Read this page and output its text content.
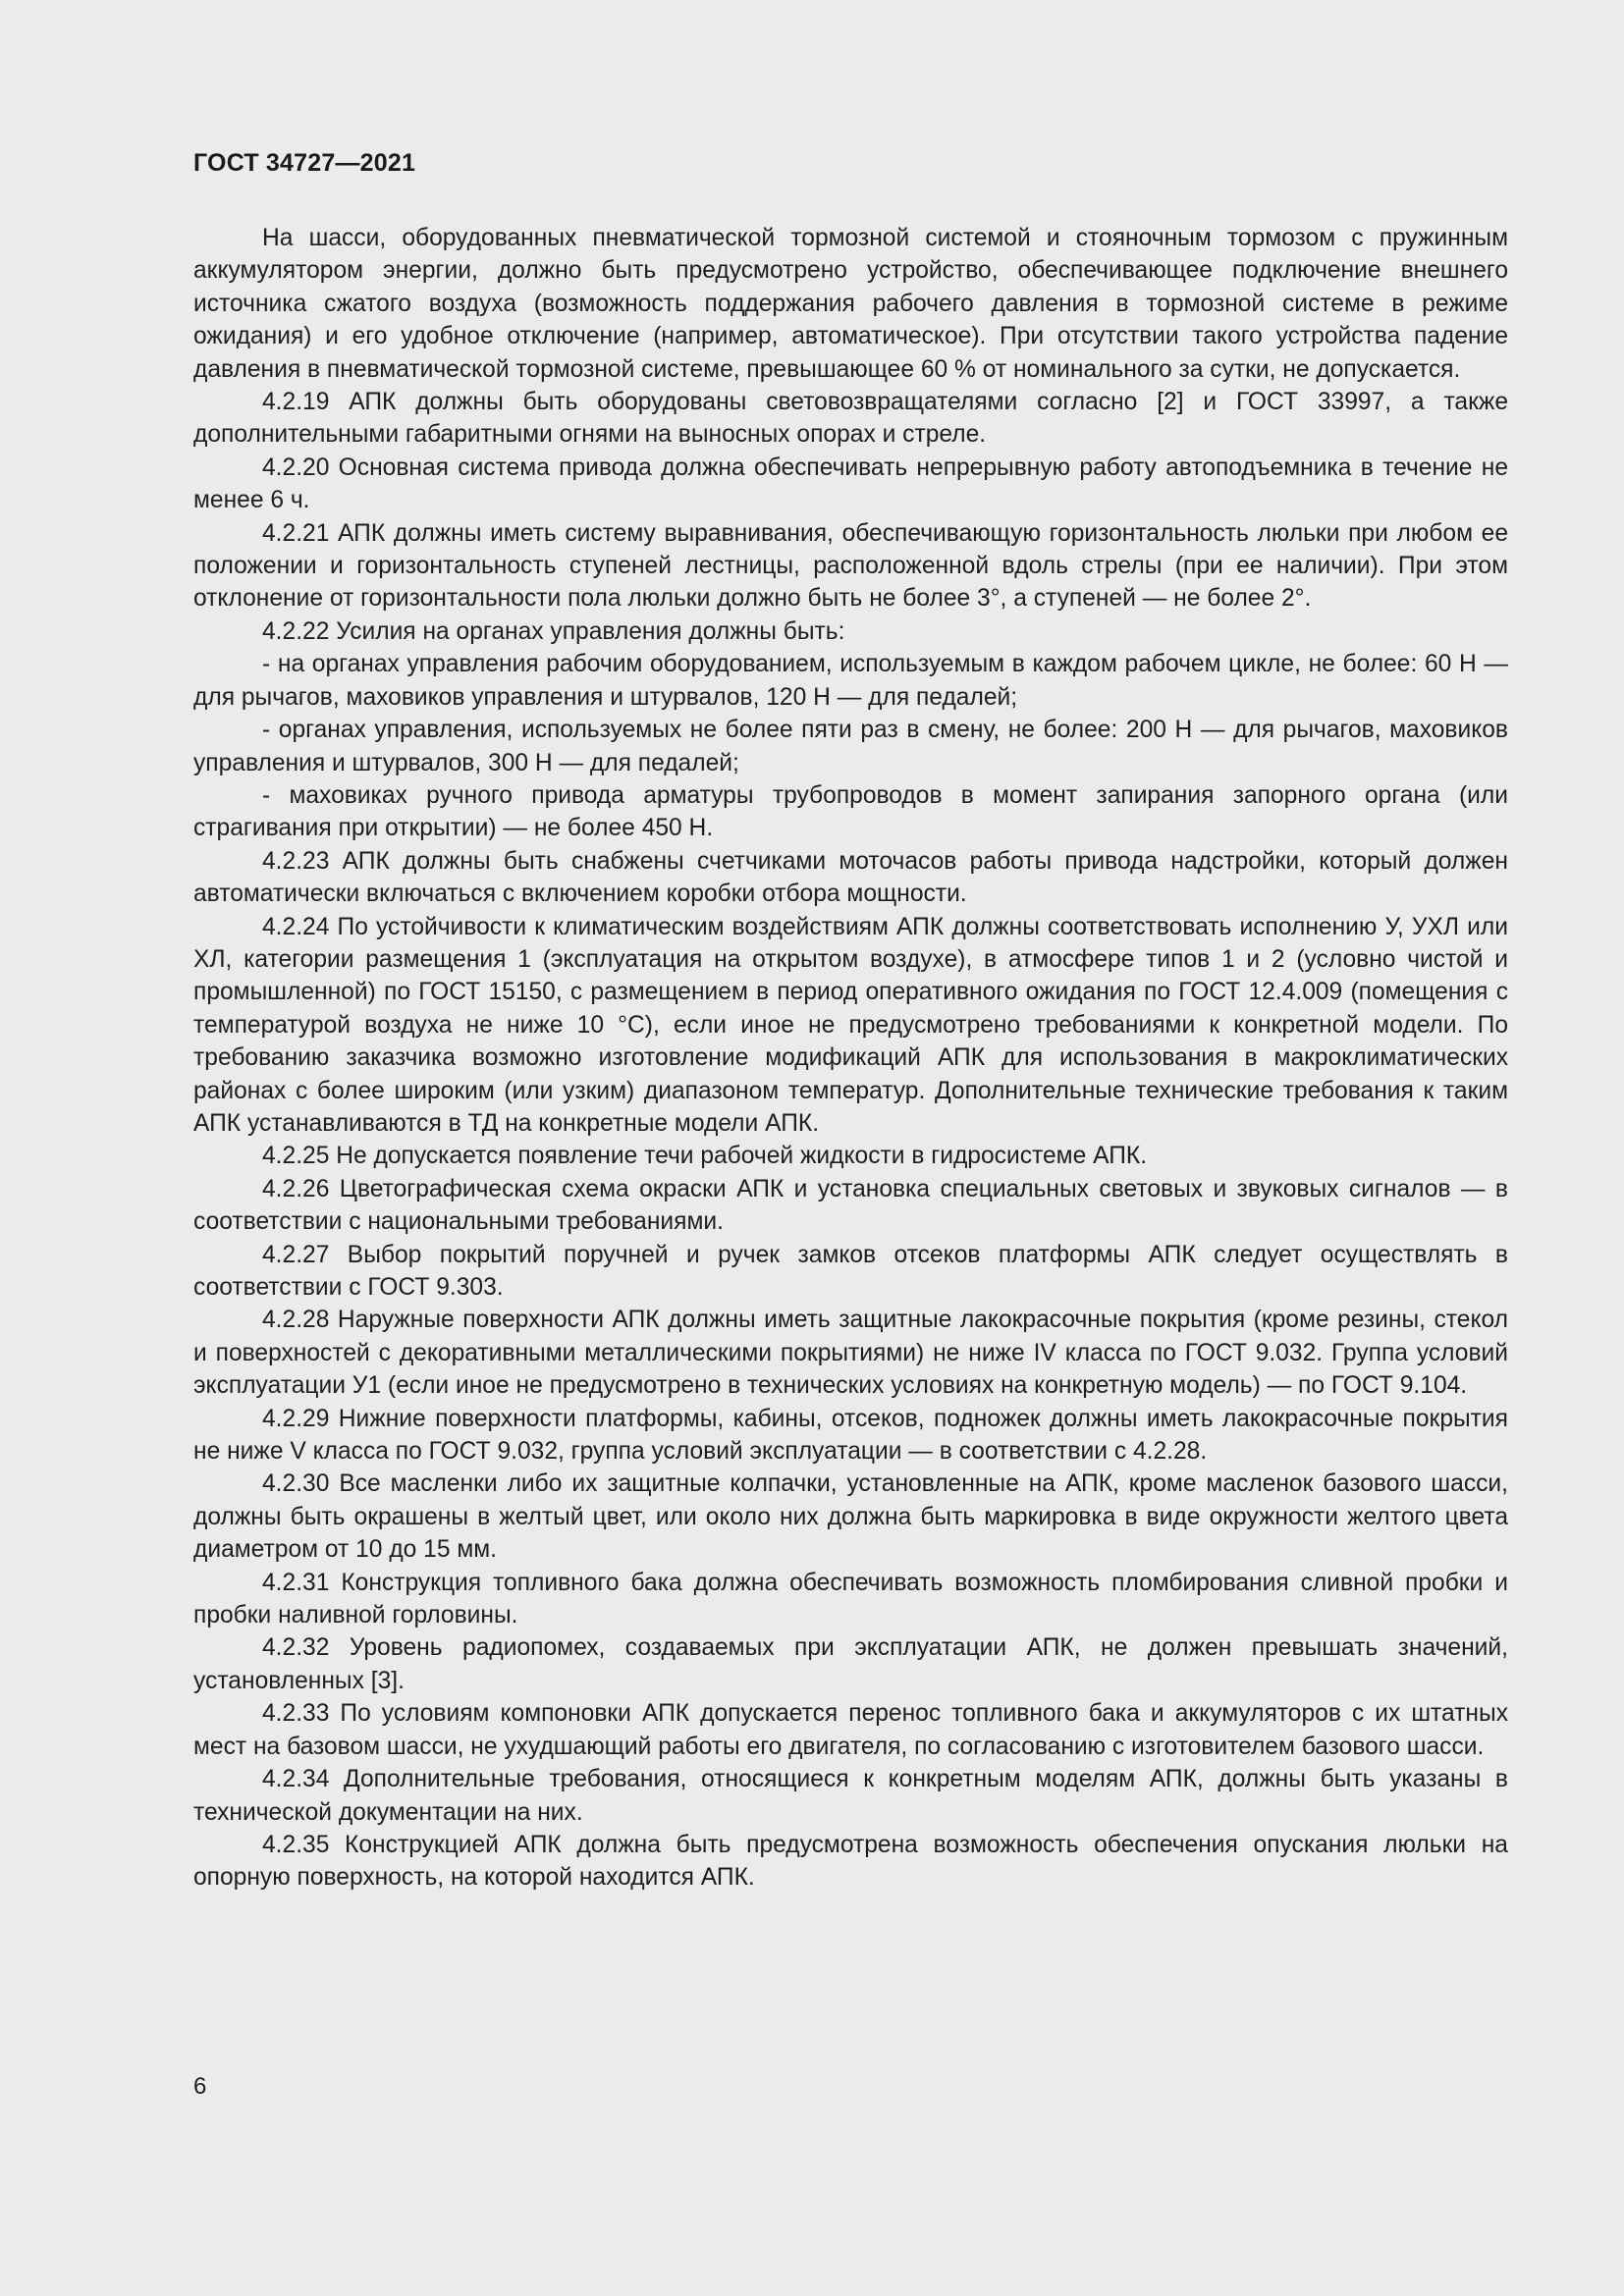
ГОСТ 34727—2021

На шасси, оборудованных пневматической тормозной системой и стояночным тормозом с пружинным аккумулятором энергии, должно быть предусмотрено устройство, обеспечивающее подключение внешнего источника сжатого воздуха (возможность поддержания рабочего давления в тормозной системе в режиме ожидания) и его удобное отключение (например, автоматическое). При отсутствии такого устройства падение давления в пневматической тормозной системе, превышающее 60 % от номинального за сутки, не допускается.

4.2.19 АПК должны быть оборудованы световозвращателями согласно [2] и ГОСТ 33997, а также дополнительными габаритными огнями на выносных опорах и стреле.

4.2.20 Основная система привода должна обеспечивать непрерывную работу автоподъемника в течение не менее 6 ч.

4.2.21 АПК должны иметь систему выравнивания, обеспечивающую горизонтальность люльки при любом ее положении и горизонтальность ступеней лестницы, расположенной вдоль стрелы (при ее наличии). При этом отклонение от горизонтальности пола люльки должно быть не более 3°, а ступеней — не более 2°.

4.2.22 Усилия на органах управления должны быть:

- на органах управления рабочим оборудованием, используемым в каждом рабочем цикле, не более: 60 Н — для рычагов, маховиков управления и штурвалов, 120 Н — для педалей;

- органах управления, используемых не более пяти раз в смену, не более: 200 Н — для рычагов, маховиков управления и штурвалов, 300 Н — для педалей;

- маховиках ручного привода арматуры трубопроводов в момент запирания запорного органа (или страгивания при открытии) — не более 450 Н.

4.2.23 АПК должны быть снабжены счетчиками моточасов работы привода надстройки, который должен автоматически включаться с включением коробки отбора мощности.

4.2.24 По устойчивости к климатическим воздействиям АПК должны соответствовать исполнению У, УХЛ или ХЛ, категории размещения 1 (эксплуатация на открытом воздухе), в атмосфере типов 1 и 2 (условно чистой и промышленной) по ГОСТ 15150, с размещением в период оперативного ожидания по ГОСТ 12.4.009 (помещения с температурой воздуха не ниже 10 °С), если иное не предусмотрено требованиями к конкретной модели. По требованию заказчика возможно изготовление модификаций АПК для использования в макроклиматических районах с более широким (или узким) диапазоном температур. Дополнительные технические требования к таким АПК устанавливаются в ТД на конкретные модели АПК.

4.2.25 Не допускается появление течи рабочей жидкости в гидросистеме АПК.

4.2.26 Цветографическая схема окраски АПК и установка специальных световых и звуковых сигналов — в соответствии с национальными требованиями.

4.2.27 Выбор покрытий поручней и ручек замков отсеков платформы АПК следует осуществлять в соответствии с ГОСТ 9.303.

4.2.28 Наружные поверхности АПК должны иметь защитные лакокрасочные покрытия (кроме резины, стекол и поверхностей с декоративными металлическими покрытиями) не ниже IV класса по ГОСТ 9.032. Группа условий эксплуатации У1 (если иное не предусмотрено в технических условиях на конкретную модель) — по ГОСТ 9.104.

4.2.29 Нижние поверхности платформы, кабины, отсеков, подножек должны иметь лакокрасочные покрытия не ниже V класса по ГОСТ 9.032, группа условий эксплуатации — в соответствии с 4.2.28.

4.2.30 Все масленки либо их защитные колпачки, установленные на АПК, кроме масленок базового шасси, должны быть окрашены в желтый цвет, или около них должна быть маркировка в виде окружности желтого цвета диаметром от 10 до 15 мм.

4.2.31 Конструкция топливного бака должна обеспечивать возможность пломбирования сливной пробки и пробки наливной горловины.

4.2.32 Уровень радиопомех, создаваемых при эксплуатации АПК, не должен превышать значений, установленных [3].

4.2.33 По условиям компоновки АПК допускается перенос топливного бака и аккумуляторов с их штатных мест на базовом шасси, не ухудшающий работы его двигателя, по согласованию с изготовителем базового шасси.

4.2.34 Дополнительные требования, относящиеся к конкретным моделям АПК, должны быть указаны в технической документации на них.

4.2.35 Конструкцией АПК должна быть предусмотрена возможность обеспечения опускания люльки на опорную поверхность, на которой находится АПК.

6
